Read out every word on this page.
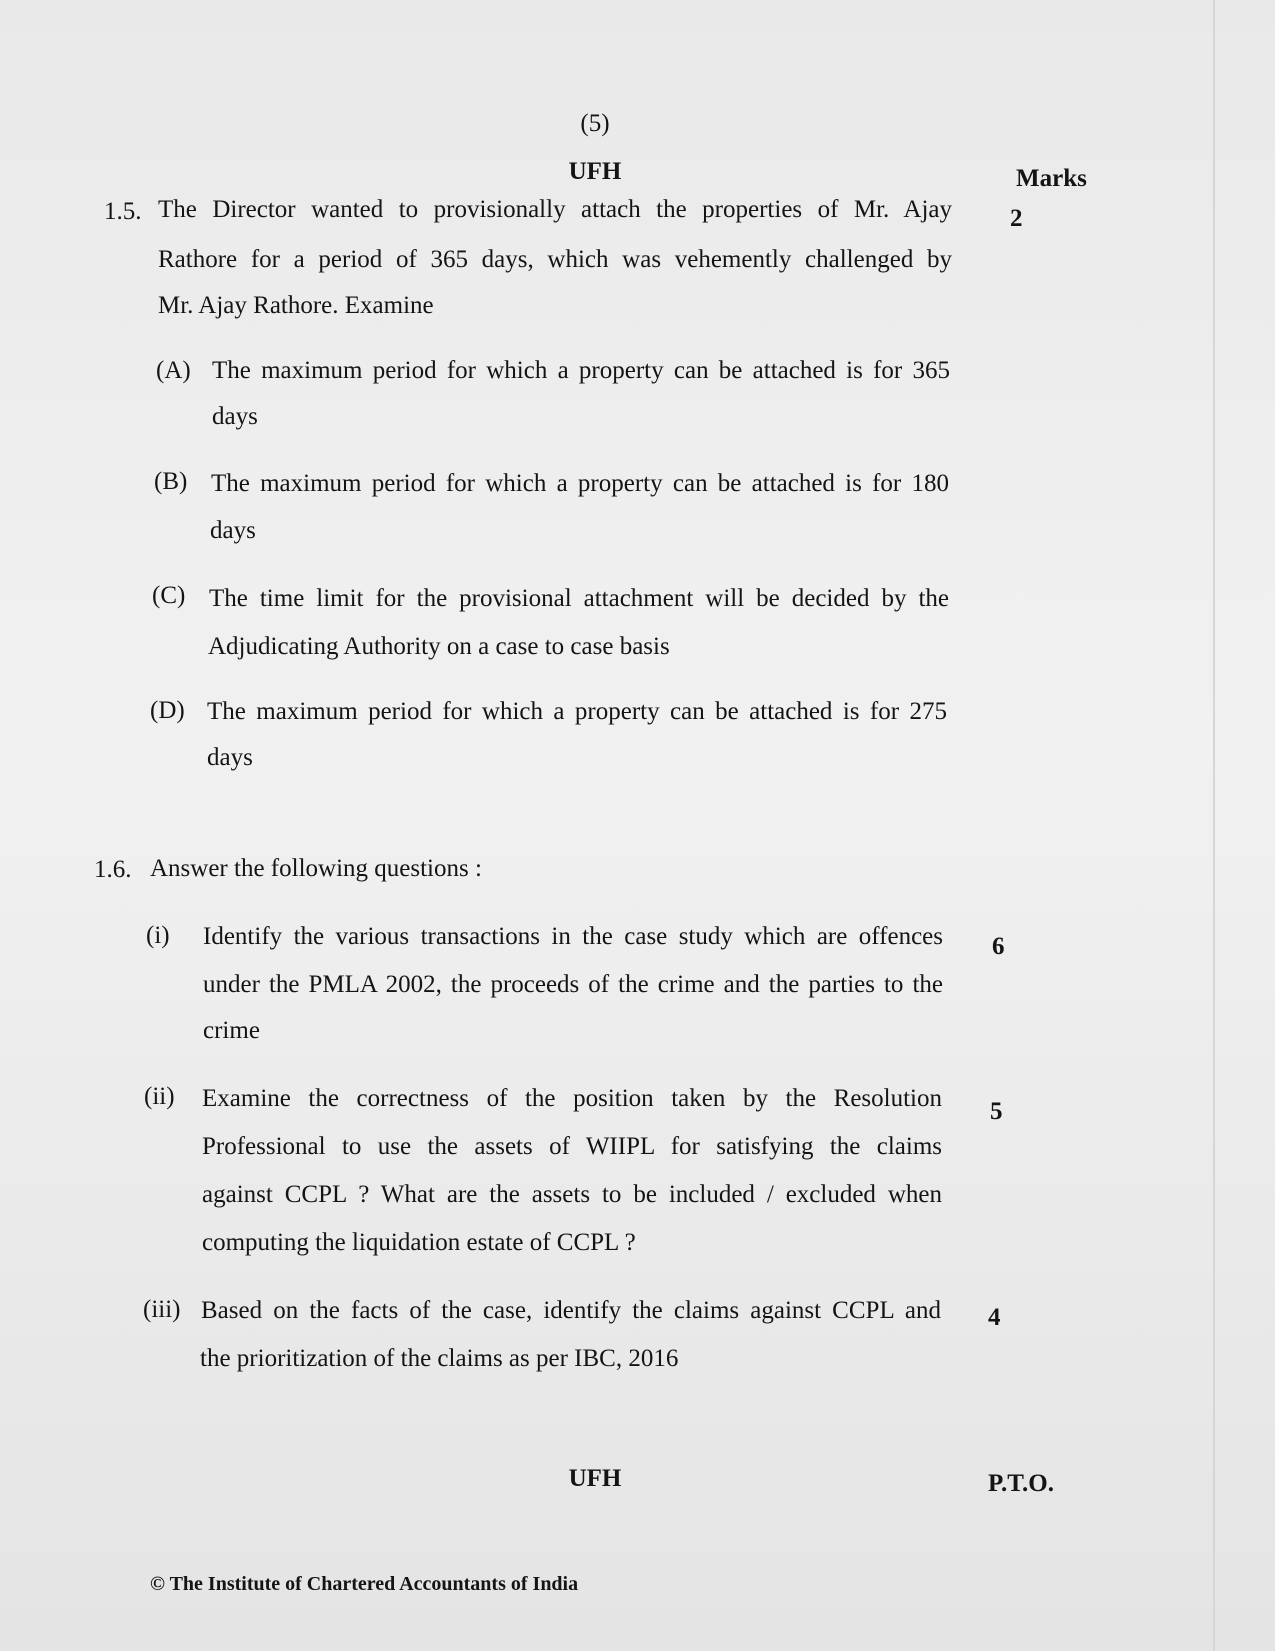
(5)
UFH	Marks
1.5. The Director wanted to provisionally attach the properties of Mr. Ajay
Rathore for a period of 365 days, which was vehemently challenged by
Mr. Ajay Rathore. Examine
2
(A) The maximum period for which a property can be attached is for 365
days
(B) The maximum period for which a property can be attached is for 180
days
(C) The time limit for the provisional attachment will be decided by the
Adjudicating Authority on a case to case basis
(D) The maximum period for which a property can be attached is for 275
days
1.6. Answer the following questions :
(i) Identify the various transactions in the case study which are offences
under the PMLA 2002, the proceeds of the crime and the parties to the
crime
6
(ii) Examine the correctness of the position taken by the Resolution
Professional to use the assets of WIIPL for satisfying the claims
against CCPL ? What are the assets to be included / excluded when
computing the liquidation estate of CCPL ?
5
(iii) Based on the facts of the case, identify the claims against CCPL and
the prioritization of the claims as per IBC, 2016
4
UFH	P.T.O.
© The Institute of Chartered Accountants of India
